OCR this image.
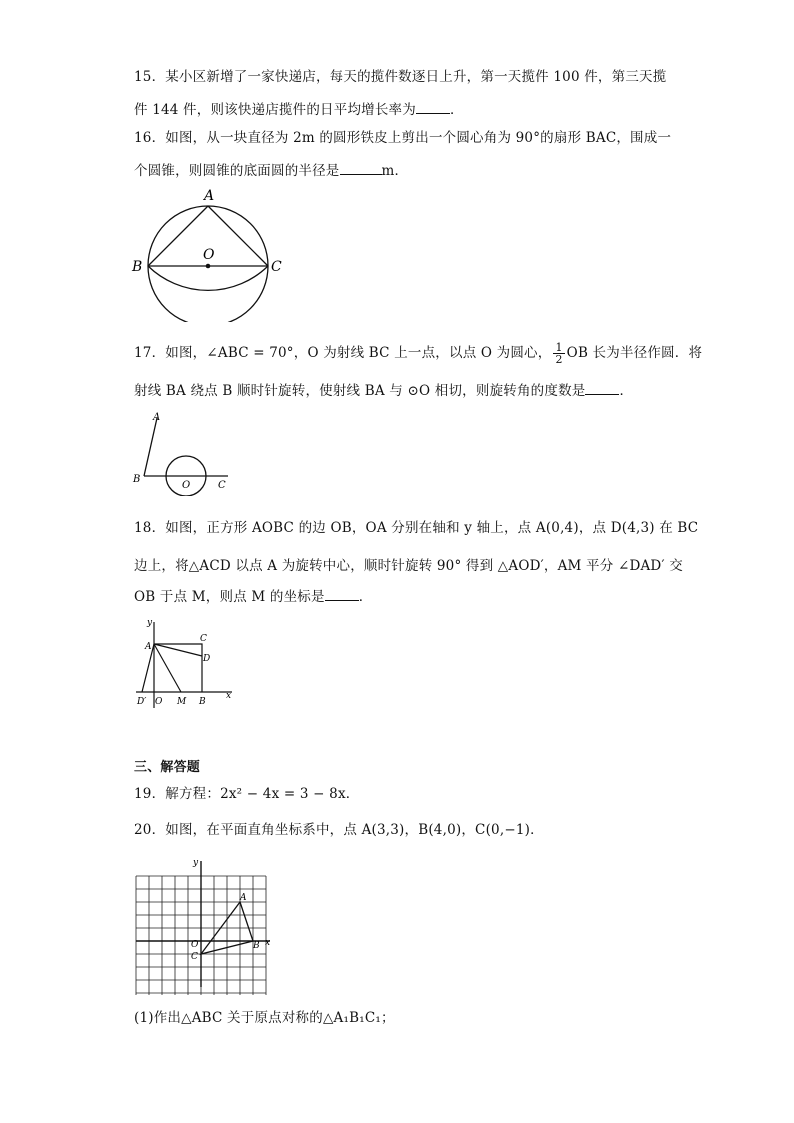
15．某小区新增了一家快递店，每天的揽件数逐日上升，第一天揽件 100 件，第三天揽
件 144 件，则该快递店揽件的日平均增长率为	．
16．如图，从一块直径为 2m 的圆形铁皮上剪出一个圆心角为 90°的扇形 BAC，围成一
个圆锥，则圆锥的底面圆的半径是	m．
A
B	C
O
17．如图，∠ABC = 70°，O 为射线 BC 上一点，以点 O 为圆心， $\frac{1}{2}$ OB 长为半径作圆．将
射线 BA 绕点 B 顺时针旋转，使射线 BA 与 ⊙O 相切，则旋转角的度数是	．
A
B
O	C
18．如图，正方形 AOBC 的边 OB，OA 分别在轴和 y 轴上，点 A(0,4)，点 D(4,3) 在 BC
边上，将△ACD 以点 A 为旋转中心，顺时针旋转 90° 得到 △AOD′，AM 平分 ∠DAD′ 交
OB 于点 M，则点 M 的坐标是	．
y
x
A
C
D
D′ O M B
三、解答题
19．解方程：2x² − 4x = 3 − 8x．
20．如图，在平面直角坐标系中，点 A(3,3)，B(4,0)，C(0,−1)．
y
x
A
B
C
O
(1)作出△ABC 关于原点对称的△A₁B₁C₁；
